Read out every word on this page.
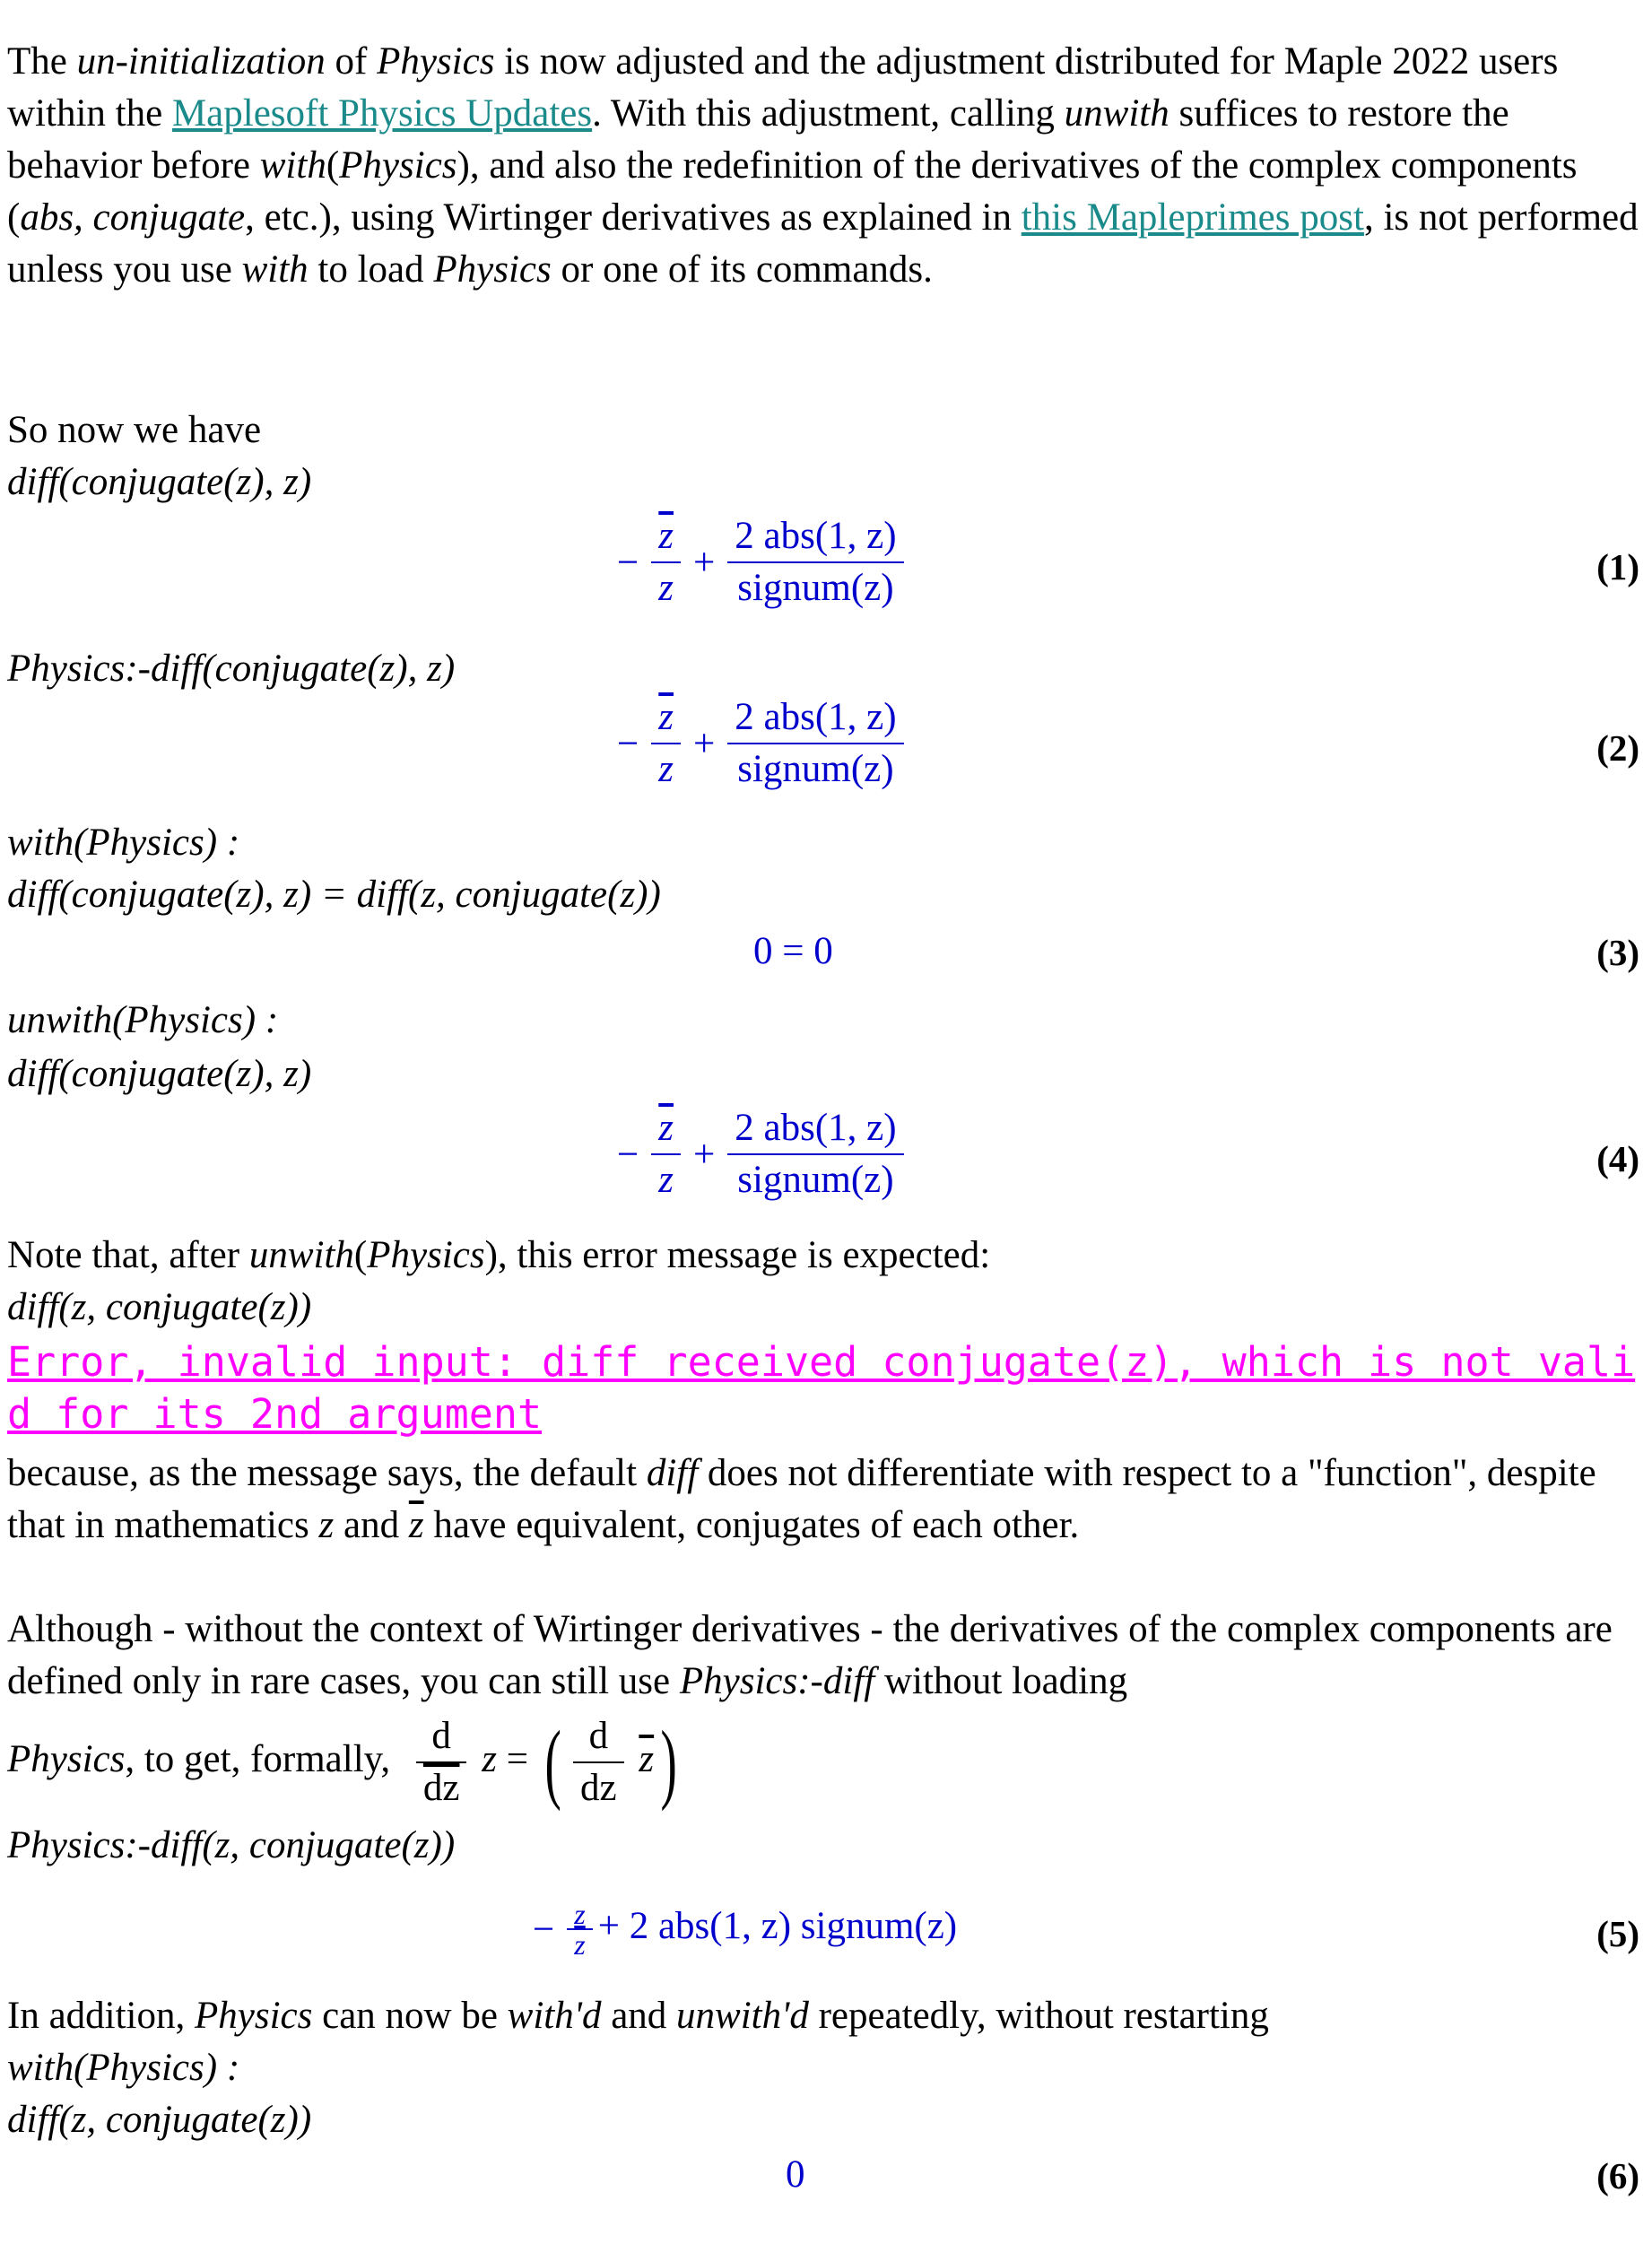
The un-initialization of Physics is now adjusted and the adjustment distributed for Maple 2022 users within the Maplesoft Physics Updates. With this adjustment, calling unwith suffices to restore the behavior before with(Physics), and also the redefinition of the derivatives of the complex components (abs, conjugate, etc.), using Wirtinger derivatives as explained in this Mapleprimes post, is not performed unless you use with to load Physics or one of its commands.
So now we have
diff(conjugate(z), z)
− $\frac{\overline{z}}{z} + \frac{\text{2 abs(1, z)}}{\text{signum(z)}}$	(1)
Physics:-diff(conjugate(z), z)
− $\frac{\overline{z}}{z} + \frac{\text{2 abs(1, z)}}{\text{signum(z)}}$	(2)
with(Physics) :
diff(conjugate(z), z) = diff(z, conjugate(z))
0 = 0	(3)
unwith(Physics) :
diff(conjugate(z), z)
− $\frac{\overline{z}}{z} + \frac{\text{2 abs(1, z)}}{\text{signum(z)}}$	(4)
Note that, after unwith(Physics), this error message is expected:
diff(z, conjugate(z))
Error, invalid input: diff received conjugate(z), which is not valid for its 2nd argument
because, as the message says, the default diff does not differentiate with respect to a "function", despite that in mathematics z and $\overline{z}$ have equivalent, conjugates of each other.
Although - without the context of Wirtinger derivatives - the derivatives of the complex components are defined only in rare cases, you can still use Physics:-diff without loading
Physics, to get, formally, $\frac{d}{dz}$ z = ( $\frac{d}{dz} \overline{z}$)
Physics:-diff(z, conjugate(z))
− $\frac{z}{z} + 2$ abs(1, z) signum(z)	(5)
In addition, Physics can now be with'd and unwith'd repeatedly, without restarting
with(Physics) :
diff(z, conjugate(z))
0	(6)
